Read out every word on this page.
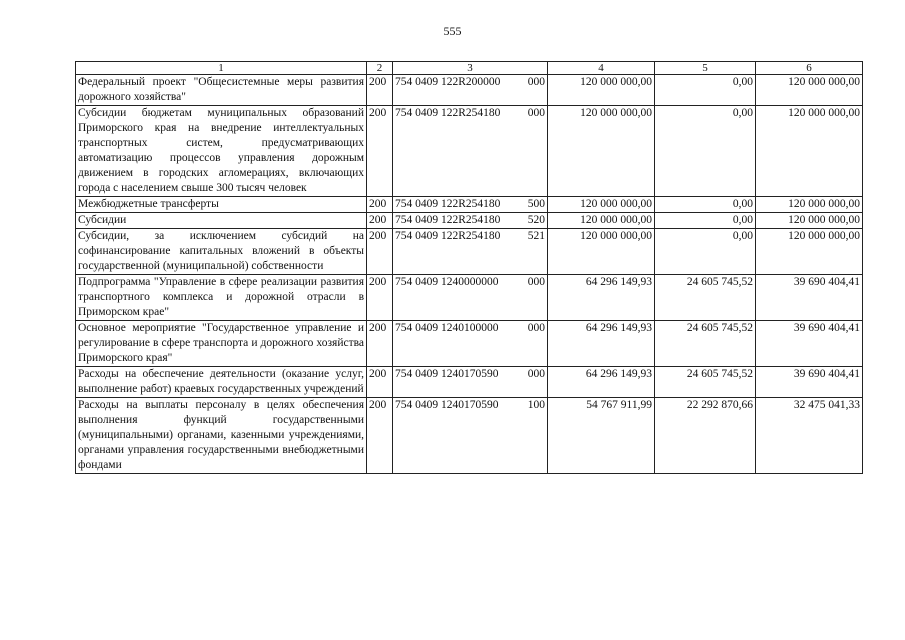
555
1	2	3	4	5	6
Федеральный проект "Общесистемные меры развития дорожного хозяйства"	200	754 0409 122R200000 000	120 000 000,00	0,00	120 000 000,00
Субсидии бюджетам муниципальных образований Приморского края на внедрение интеллектуальных транспортных систем, предусматривающих автоматизацию процессов управления дорожным движением в городских агломерациях, включающих города с населением свыше 300 тысяч человек	200	754 0409 122R254180 000	120 000 000,00	0,00	120 000 000,00
Межбюджетные трансферты	200	754 0409 122R254180 500	120 000 000,00	0,00	120 000 000,00
Субсидии	200	754 0409 122R254180 520	120 000 000,00	0,00	120 000 000,00
Субсидии, за исключением субсидий на софинансирование капитальных вложений в объекты государственной (муниципальной) собственности	200	754 0409 122R254180 521	120 000 000,00	0,00	120 000 000,00
Подпрограмма "Управление в сфере реализации развития транспортного комплекса и дорожной отрасли в Приморском крае"	200	754 0409 1240000000 000	64 296 149,93	24 605 745,52	39 690 404,41
Основное мероприятие "Государственное управление и регулирование в сфере транспорта и дорожного хозяйства Приморского края"	200	754 0409 1240100000 000	64 296 149,93	24 605 745,52	39 690 404,41
Расходы на обеспечение деятельности (оказание услуг, выполнение работ) краевых государственных учреждений	200	754 0409 1240170590 000	64 296 149,93	24 605 745,52	39 690 404,41
Расходы на выплаты персоналу в целях обеспечения выполнения функций государственными (муниципальными) органами, казенными учреждениями, органами управления государственными внебюджетными фондами	200	754 0409 1240170590 100	54 767 911,99	22 292 870,66	32 475 041,33
